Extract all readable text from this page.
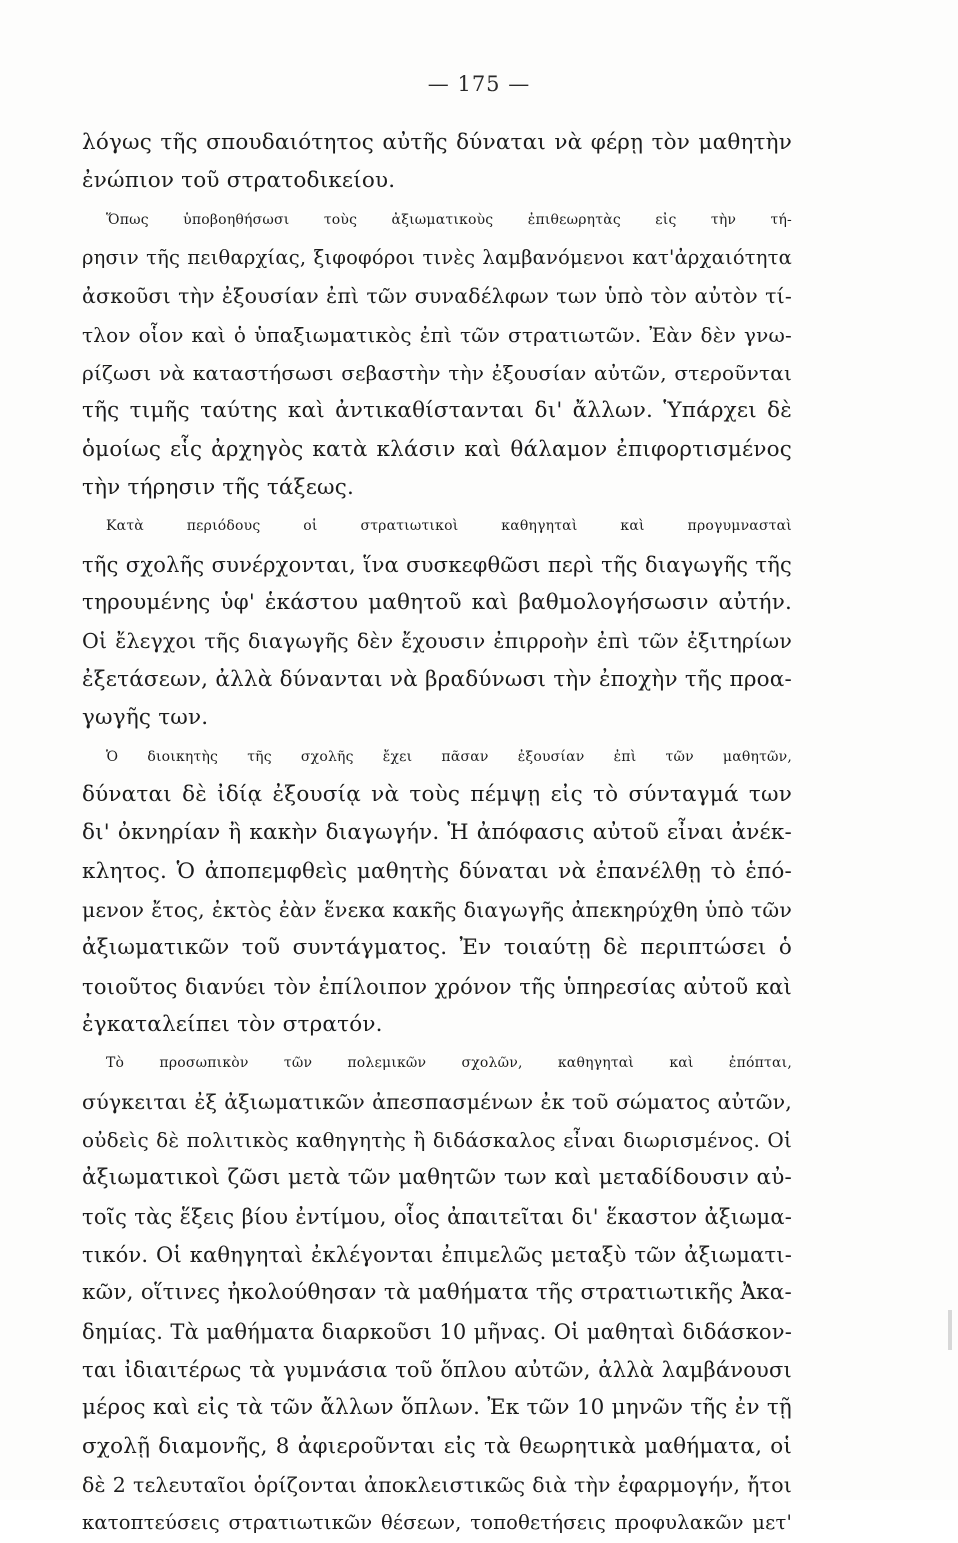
— 175 —
λόγως τῆς σπουδαιότητος αὐτῆς δύναται νὰ φέρῃ τὸν μαθητὴν
ἐνώπιον τοῦ στρατοδικείου.
Ὅπως ὑποβοηθήσωσι τοὺς ἀξιωματικοὺς ἐπιθεωρητὰς εἰς τὴν τή-
ρησιν τῆς πειθαρχίας, ξιφοφόροι τινὲς λαμβανόμενοι κατ'ἀρχαιότητα
ἀσκοῦσι τὴν ἐξουσίαν ἐπὶ τῶν συναδέλφων των ὑπὸ τὸν αὐτὸν τί-
τλον οἷον καὶ ὁ ὑπαξιωματικὸς ἐπὶ τῶν στρατιωτῶν. Ἐὰν δὲν γνω-
ρίζωσι νὰ καταστήσωσι σεβαστὴν τὴν ἐξουσίαν αὐτῶν, στεροῦνται
τῆς τιμῆς ταύτης καὶ ἀντικαθίστανται δι' ἄλλων. Ὑπάρχει δὲ
ὁμοίως εἷς ἀρχηγὸς κατὰ κλάσιν καὶ θάλαμον ἐπιφορτισμένος
τὴν τήρησιν τῆς τάξεως.
Κατὰ περιόδους οἱ στρατιωτικοὶ καθηγηταὶ καὶ προγυμνασταὶ
τῆς σχολῆς συνέρχονται, ἵνα συσκεφθῶσι περὶ τῆς διαγωγῆς τῆς
τηρουμένης ὑφ' ἑκάστου μαθητοῦ καὶ βαθμολογήσωσιν αὐτήν.
Οἱ ἔλεγχοι τῆς διαγωγῆς δὲν ἔχουσιν ἐπιρροὴν ἐπὶ τῶν ἐξιτηρίων
ἐξετάσεων, ἀλλὰ δύνανται νὰ βραδύνωσι τὴν ἐποχὴν τῆς προα-
γωγῆς των.
Ὁ διοικητὴς τῆς σχολῆς ἔχει πᾶσαν ἐξουσίαν ἐπὶ τῶν μαθητῶν,
δύναται δὲ ἰδίᾳ ἐξουσίᾳ νὰ τοὺς πέμψῃ εἰς τὸ σύνταγμά των
δι' ὀκνηρίαν ἢ κακὴν διαγωγήν. Ἡ ἀπόφασις αὐτοῦ εἶναι ἀνέκ-
κλητος. Ὁ ἀποπεμφθεὶς μαθητὴς δύναται νὰ ἐπανέλθῃ τὸ ἑπό-
μενον ἔτος, ἐκτὸς ἐὰν ἕνεκα κακῆς διαγωγῆς ἀπεκηρύχθη ὑπὸ τῶν
ἀξιωματικῶν τοῦ συντάγματος. Ἐν τοιαύτῃ δὲ περιπτώσει ὁ
τοιοῦτος διανύει τὸν ἐπίλοιπον χρόνον τῆς ὑπηρεσίας αὐτοῦ καὶ
ἐγκαταλείπει τὸν στρατόν.
Τὸ προσωπικὸν τῶν πολεμικῶν σχολῶν, καθηγηταὶ καὶ ἐπόπται,
σύγκειται ἐξ ἀξιωματικῶν ἀπεσπασμένων ἐκ τοῦ σώματος αὐτῶν,
οὐδεὶς δὲ πολιτικὸς καθηγητὴς ἢ διδάσκαλος εἶναι διωρισμένος. Οἱ
ἀξιωματικοὶ ζῶσι μετὰ τῶν μαθητῶν των καὶ μεταδίδουσιν αὐ-
τοῖς τὰς ἕξεις βίου ἐντίμου, οἷος ἀπαιτεῖται δι' ἕκαστον ἀξιωμα-
τικόν. Οἱ καθηγηταὶ ἐκλέγονται ἐπιμελῶς μεταξὺ τῶν ἀξιωματι-
κῶν, οἵτινες ἠκολούθησαν τὰ μαθήματα τῆς στρατιωτικῆς Ἀκα-
δημίας. Τὰ μαθήματα διαρκοῦσι 10 μῆνας. Οἱ μαθηταὶ διδάσκον-
ται ἰδιαιτέρως τὰ γυμνάσια τοῦ ὅπλου αὐτῶν, ἀλλὰ λαμβάνουσι
μέρος καὶ εἰς τὰ τῶν ἄλλων ὅπλων. Ἐκ τῶν 10 μηνῶν τῆς ἐν τῇ
σχολῇ διαμονῆς, 8 ἀφιεροῦνται εἰς τὰ θεωρητικὰ μαθήματα, οἱ
δὲ 2 τελευταῖοι ὁρίζονται ἀποκλειστικῶς διὰ τὴν ἐφαρμογήν, ἤτοι
κατοπτεύσεις στρατιωτικῶν θέσεων, τοποθετήσεις προφυλακῶν μετ'
